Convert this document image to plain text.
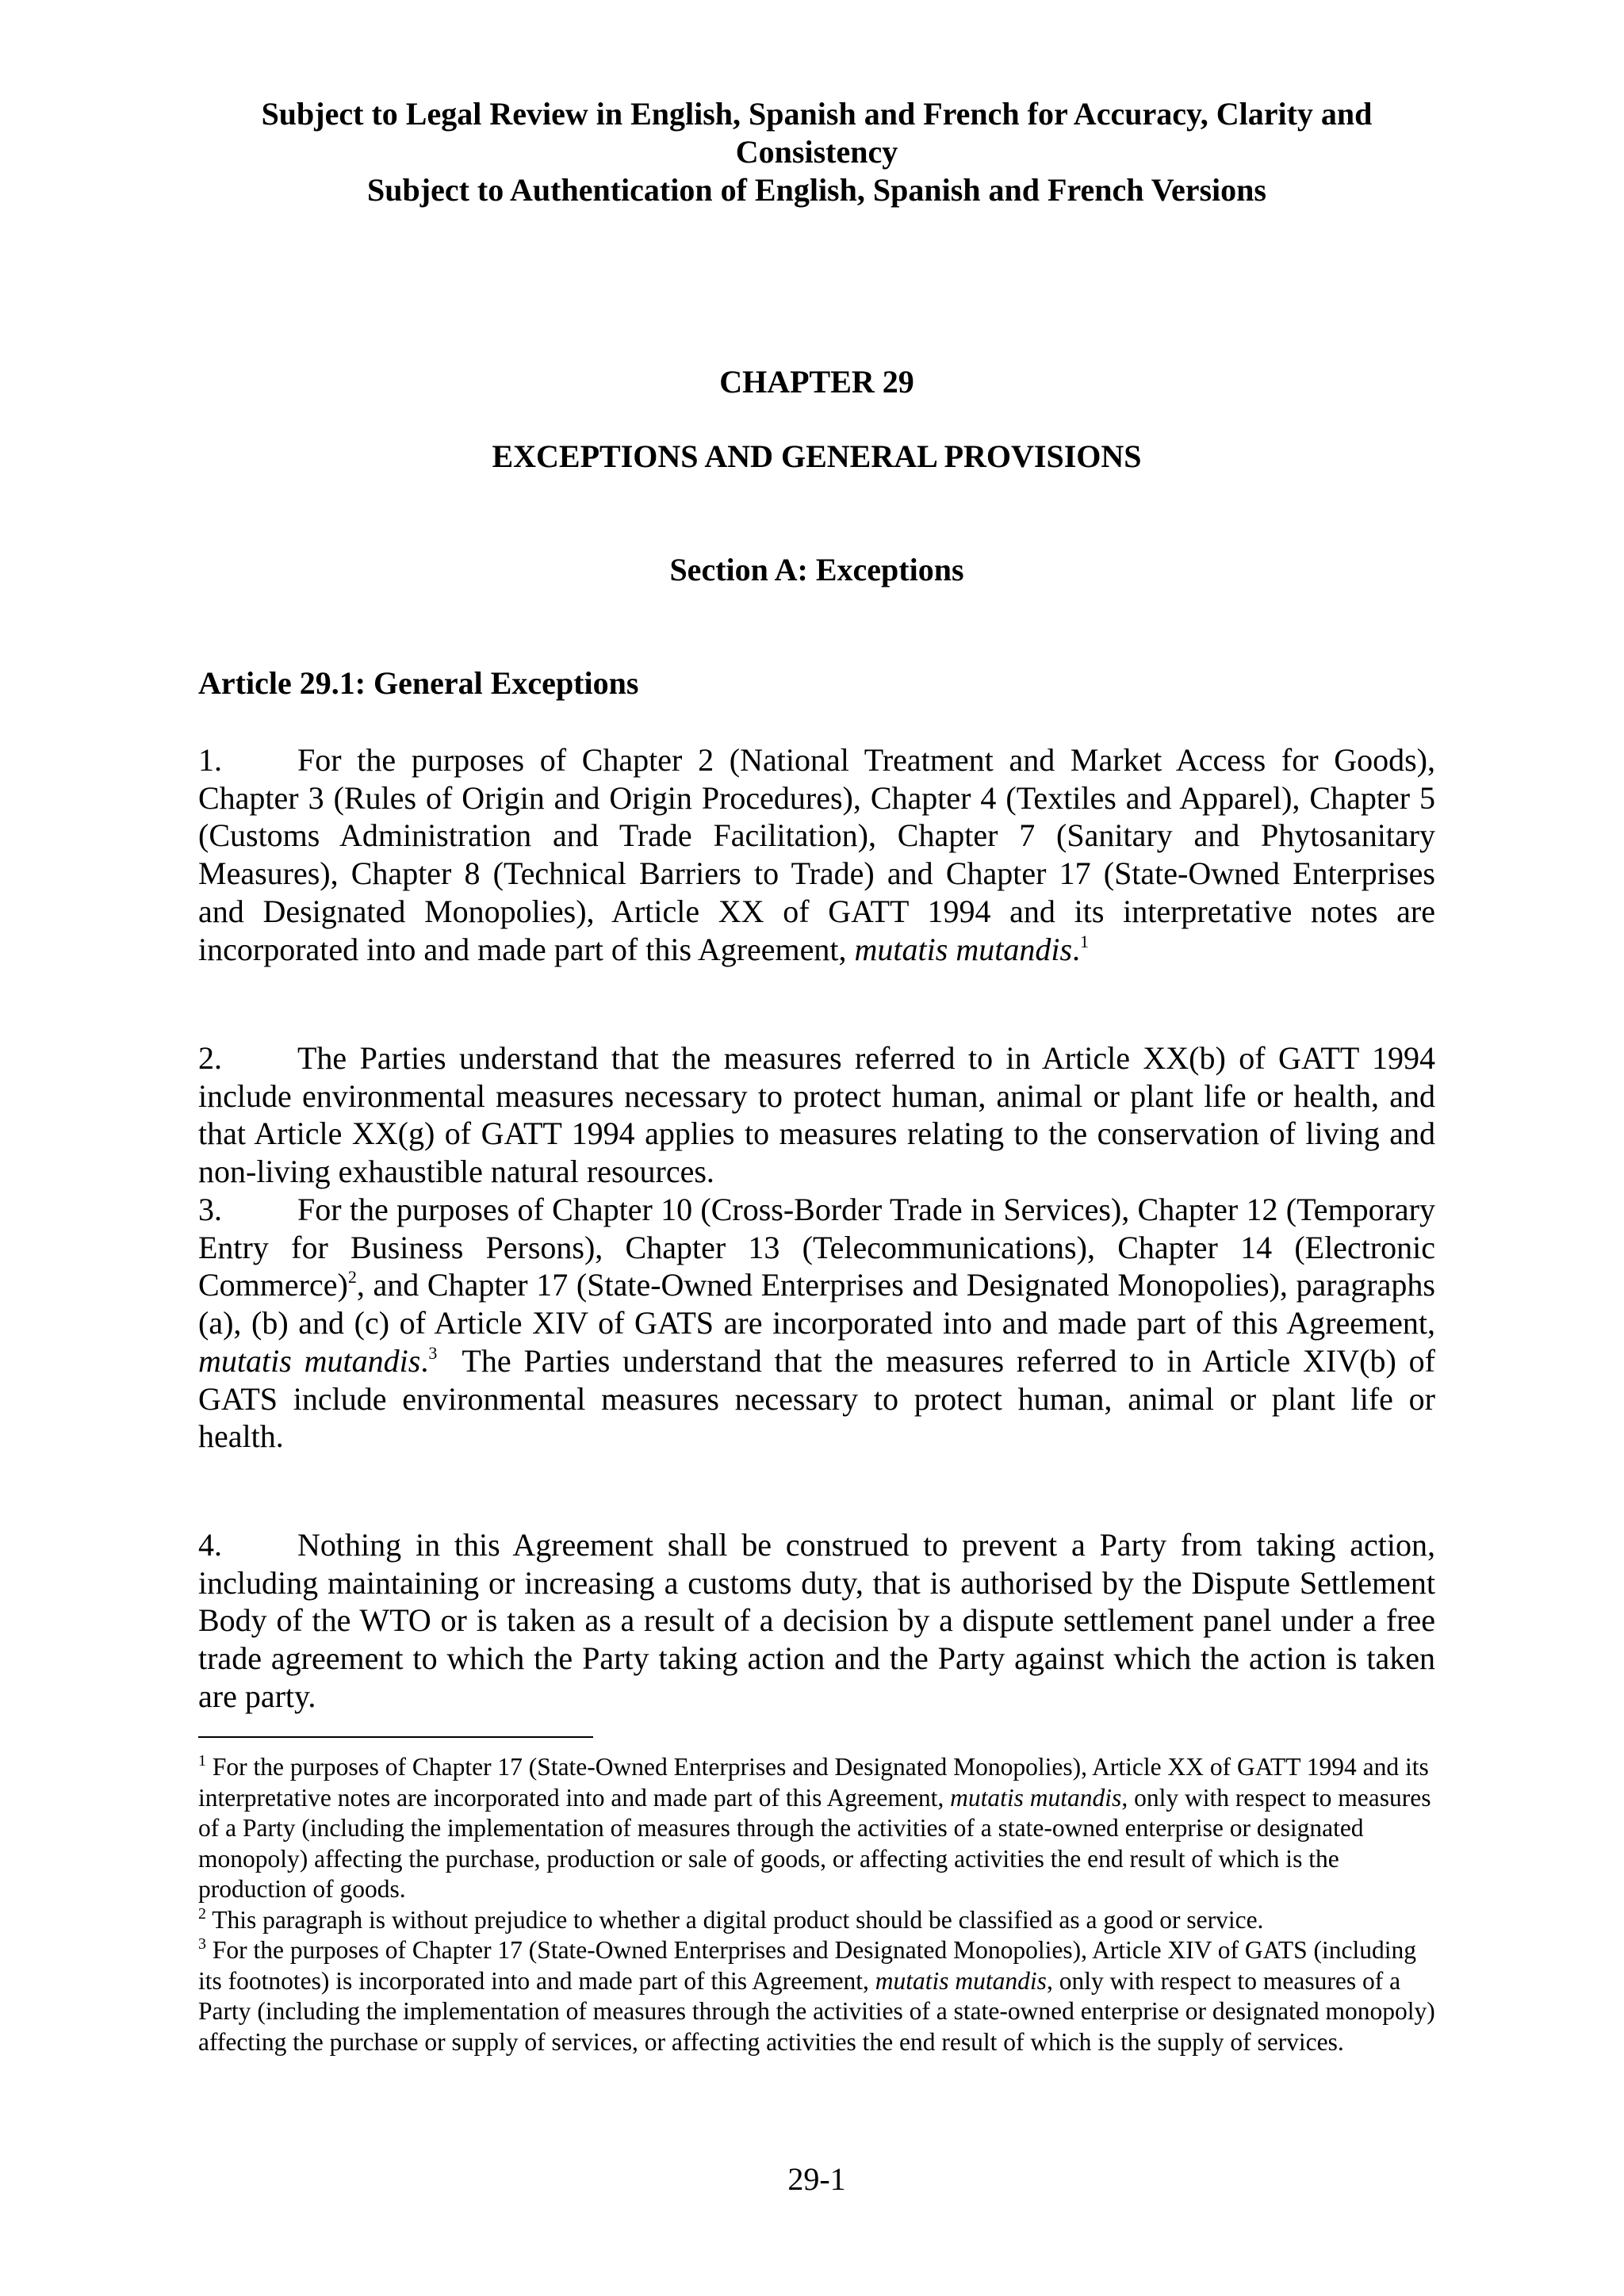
Subject to Legal Review in English, Spanish and French for Accuracy, Clarity and
Consistency
Subject to Authentication of English, Spanish and French Versions
CHAPTER 29
EXCEPTIONS AND GENERAL PROVISIONS
Section A: Exceptions
Article 29.1: General Exceptions
1. For the purposes of Chapter 2 (National Treatment and Market Access for Goods), Chapter 3 (Rules of Origin and Origin Procedures), Chapter 4 (Textiles and Apparel), Chapter 5 (Customs Administration and Trade Facilitation), Chapter 7 (Sanitary and Phytosanitary Measures), Chapter 8 (Technical Barriers to Trade) and Chapter 17 (State-Owned Enterprises and Designated Monopolies), Article XX of GATT 1994 and its interpretative notes are incorporated into and made part of this Agreement, mutatis mutandis.$^1$
2. The Parties understand that the measures referred to in Article XX(b) of GATT 1994 include environmental measures necessary to protect human, animal or plant life or health, and that Article XX(g) of GATT 1994 applies to measures relating to the conservation of living and non-living exhaustible natural resources.
3. For the purposes of Chapter 10 (Cross-Border Trade in Services), Chapter 12 (Temporary Entry for Business Persons), Chapter 13 (Telecommunications), Chapter 14 (Electronic Commerce)$^2$, and Chapter 17 (State-Owned Enterprises and Designated Monopolies), paragraphs (a), (b) and (c) of Article XIV of GATS are incorporated into and made part of this Agreement, mutatis mutandis.$^3$  The Parties understand that the measures referred to in Article XIV(b) of GATS include environmental measures necessary to protect human, animal or plant life or health.
4. Nothing in this Agreement shall be construed to prevent a Party from taking action, including maintaining or increasing a customs duty, that is authorised by the Dispute Settlement Body of the WTO or is taken as a result of a decision by a dispute settlement panel under a free trade agreement to which the Party taking action and the Party against which the action is taken are party.
$^1$ For the purposes of Chapter 17 (State-Owned Enterprises and Designated Monopolies), Article XX of GATT 1994 and its interpretative notes are incorporated into and made part of this Agreement, mutatis mutandis, only with respect to measures of a Party (including the implementation of measures through the activities of a state-owned enterprise or designated monopoly) affecting the purchase, production or sale of goods, or affecting activities the end result of which is the production of goods.
$^2$ This paragraph is without prejudice to whether a digital product should be classified as a good or service.
$^3$ For the purposes of Chapter 17 (State-Owned Enterprises and Designated Monopolies), Article XIV of GATS (including its footnotes) is incorporated into and made part of this Agreement, mutatis mutandis, only with respect to measures of a Party (including the implementation of measures through the activities of a state-owned enterprise or designated monopoly) affecting the purchase or supply of services, or affecting activities the end result of which is the supply of services.
29-1
